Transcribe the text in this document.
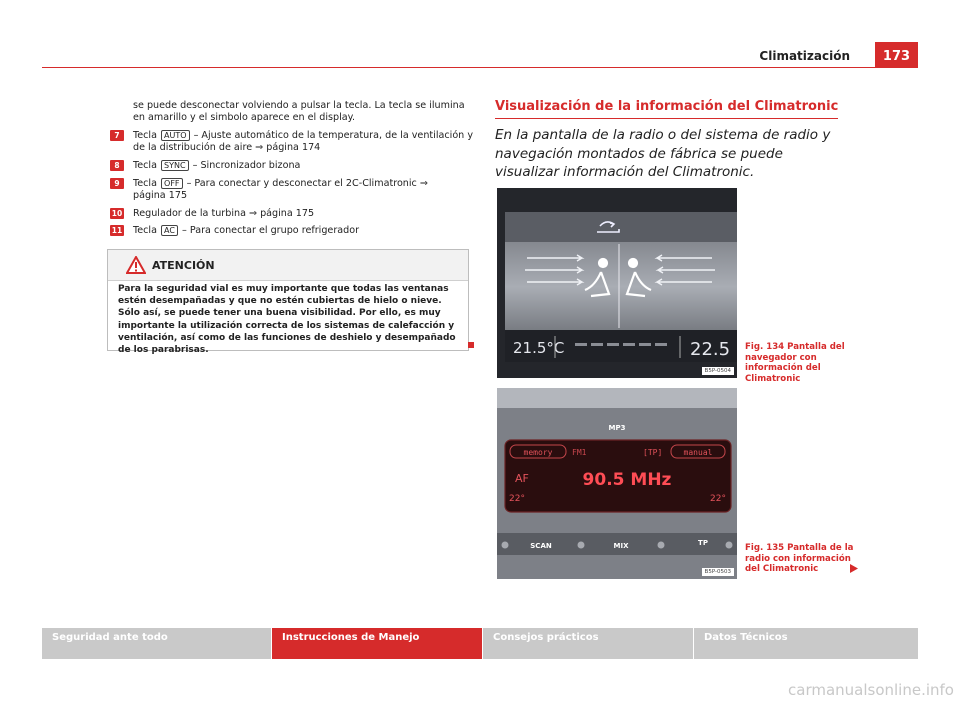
Climatización	173
se puede desconectar volviendo a pulsar la tecla. La tecla se ilumina en amarillo y el simbolo aparece en el display.
7	Tecla AUTO – Ajuste automático de la temperatura, de la ventilación y de la distribución de aire ⇒ página 174
8	Tecla SYNC – Sincronizador bizona
9	Tecla OFF – Para conectar y desconectar el 2C-Climatronic ⇒ página 175
10 Regulador de la turbina ⇒ página 175
11 Tecla AC – Para conectar el grupo refrigerador
ATENCIÓN
Para la seguridad vial es muy importante que todas las ventanas estén desempañadas y que no estén cubiertas de hielo o nieve. Sólo así, se puede tener una buena visibilidad. Por ello, es muy importante la utilización correcta de los sistemas de calefacción y ventilación, así como de las funciones de deshielo y desempañado de los parabrisas.
Visualización de la información del Climatronic
En la pantalla de la radio o del sistema de radio y navegación montados de fábrica se puede visualizar información del Climatronic.
21.5°C	22.5
B5P-0504
Fig. 134 Pantalla del navegador con información del Climatronic
MP3
memory FM1	[TP]	manual
AF	90.5 MHz
22°	22°
SCAN	MIX	TP
B5P-0503
Fig. 135 Pantalla de la radio con información del Climatronic
Seguridad ante todo	Instrucciones de Manejo	Consejos prácticos	Datos Técnicos
carmanualsonline.info
